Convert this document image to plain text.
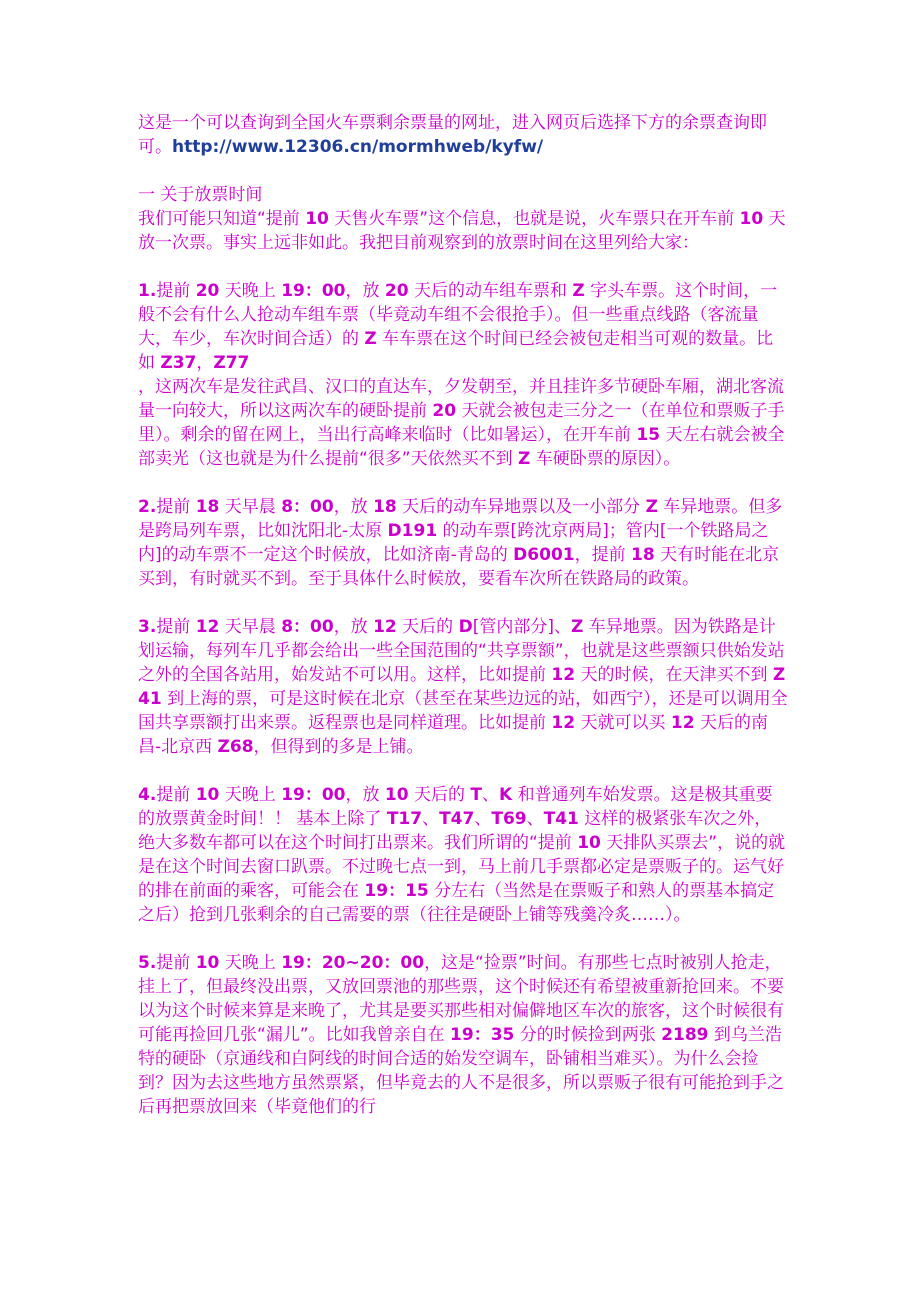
这是一个可以查询到全国火车票剩余票量的网址，进入网页后选择下方的余票查询即可。http://www.12306.cn/mormhweb/kyfw/

一 关于放票时间

我们可能只知道“提前 10 天售火车票”这个信息，也就是说，火车票只在开车前 10 天放一次票。事实上远非如此。我把目前观察到的放票时间在这里列给大家：

1.提前 20 天晚上 19：00，放 20 天后的动车组车票和 Z 字头车票。这个时间，一般不会有什么人抢动车组车票（毕竟动车组不会很抢手）。但一些重点线路（客流量大，车少，车次时间合适）的 Z 车车票在这个时间已经会被包走相当可观的数量。比如 Z37，Z77

，这两次车是发往武昌、汉口的直达车，夕发朝至，并且挂许多节硬卧车厢，湖北客流量一向较大，所以这两次车的硬卧提前 20 天就会被包走三分之一（在单位和票贩子手里）。剩余的留在网上，当出行高峰来临时（比如暑运），在开车前 15 天左右就会被全部卖光（这也就是为什么提前“很多”天依然买不到 Z 车硬卧票的原因）。

2.提前 18 天早晨 8：00，放 18 天后的动车异地票以及一小部分 Z 车异地票。但多是跨局列车票，比如沈阳北-太原 D191 的动车票[跨沈京两局]；管内[一个铁路局之内]的动车票不一定这个时候放，比如济南-青岛的 D6001，提前 18 天有时能在北京买到，有时就买不到。至于具体什么时候放，要看车次所在铁路局的政策。

3.提前 12 天早晨 8：00，放 12 天后的 D[管内部分]、Z 车异地票。因为铁路是计划运输，每列车几乎都会给出一些全国范围的“共享票额”，也就是这些票额只供始发站之外的全国各站用，始发站不可以用。这样，比如提前 12 天的时候，在天津买不到 Z41 到上海的票，可是这时候在北京（甚至在某些边远的站，如西宁），还是可以调用全国共享票额打出来票。返程票也是同样道理。比如提前 12 天就可以买 12 天后的南昌-北京西 Z68，但得到的多是上铺。

4.提前 10 天晚上 19：00，放 10 天后的 T、K 和普通列车始发票。这是极其重要的放票黄金时间！！ 基本上除了 T17、T47、T69、T41 这样的极紧张车次之外，绝大多数车都可以在这个时间打出票来。我们所谓的“提前 10 天排队买票去”，说的就是在这个时间去窗口趴票。不过晚七点一到，马上前几手票都必定是票贩子的。运气好的排在前面的乘客，可能会在 19：15 分左右（当然是在票贩子和熟人的票基本搞定之后）抢到几张剩余的自己需要的票（往往是硬卧上铺等残羹冷炙……）。

5.提前 10 天晚上 19：20~20：00，这是“捡票”时间。有那些七点时被别人抢走，挂上了，但最终没出票，又放回票池的那些票，这个时候还有希望被重新抢回来。不要以为这个时候来算是来晚了，尤其是要买那些相对偏僻地区车次的旅客，这个时候很有可能再捡回几张“漏儿”。比如我曾亲自在 19：35 分的时候捡到两张 2189 到乌兰浩特的硬卧（京通线和白阿线的时间合适的始发空调车，卧铺相当难买）。为什么会捡到？因为去这些地方虽然票紧，但毕竟去的人不是很多，所以票贩子很有可能抢到手之后再把票放回来（毕竟他们的行
